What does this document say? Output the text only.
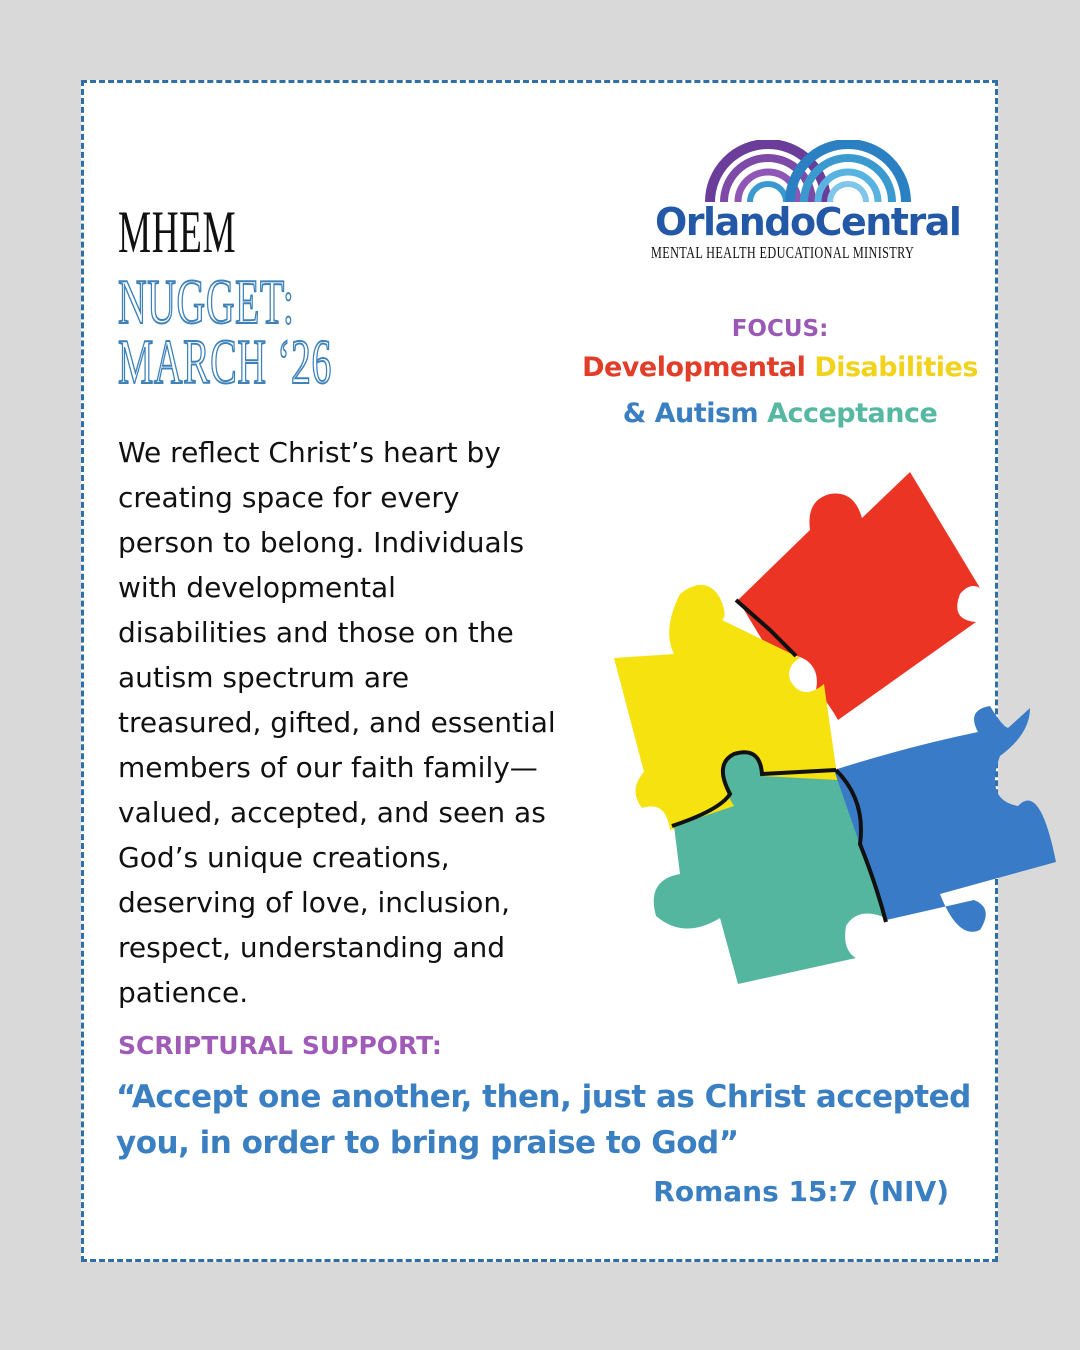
MHEM
NUGGET:
MARCH ‘26
OrlandoCentral
MENTAL HEALTH EDUCATIONAL MINISTRY
FOCUS:
Developmental Disabilities
& Autism Acceptance
We reflect Christ’s heart by
creating space for every
person to belong. Individuals
with developmental
disabilities and those on the
autism spectrum are
treasured, gifted, and essential
members of our faith family—
valued, accepted, and seen as
God’s unique creations,
deserving of love, inclusion,
respect, understanding and
patience.
SCRIPTURAL SUPPORT:
“Accept one another, then, just as Christ accepted
you, in order to bring praise to God”
Romans 15:7 (NIV)
